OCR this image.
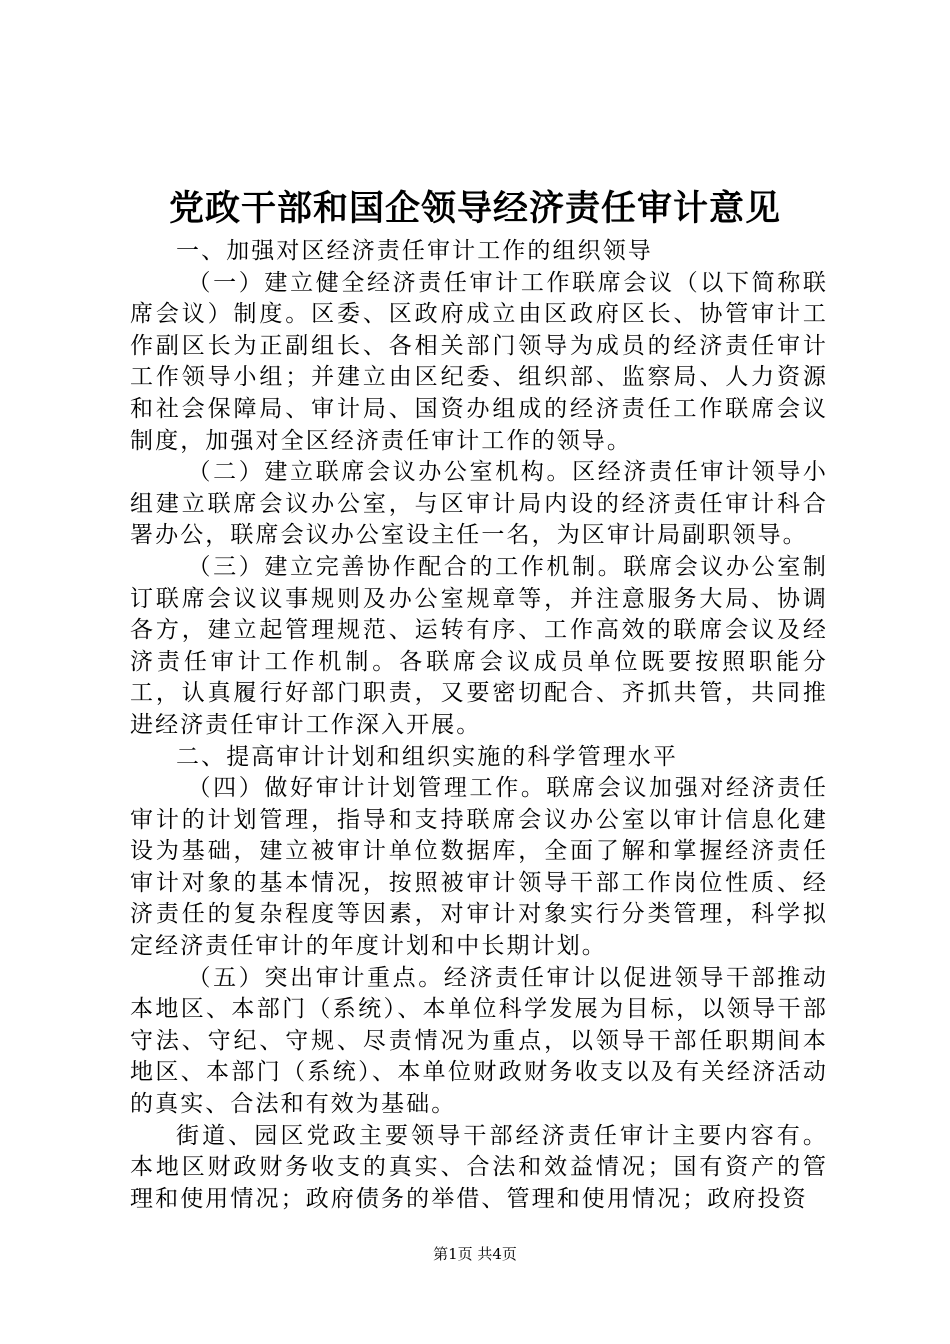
党政干部和国企领导经济责任审计意见

一、加强对区经济责任审计工作的组织领导

（一）建立健全经济责任审计工作联席会议（以下简称联席会议）制度。区委、区政府成立由区政府区长、协管审计工作副区长为正副组长、各相关部门领导为成员的经济责任审计工作领导小组；并建立由区纪委、组织部、监察局、人力资源和社会保障局、审计局、国资办组成的经济责任工作联席会议制度，加强对全区经济责任审计工作的领导。

（二）建立联席会议办公室机构。区经济责任审计领导小组建立联席会议办公室，与区审计局内设的经济责任审计科合署办公，联席会议办公室设主任一名，为区审计局副职领导。

（三）建立完善协作配合的工作机制。联席会议办公室制订联席会议议事规则及办公室规章等，并注意服务大局、协调各方，建立起管理规范、运转有序、工作高效的联席会议及经济责任审计工作机制。各联席会议成员单位既要按照职能分工，认真履行好部门职责，又要密切配合、齐抓共管，共同推进经济责任审计工作深入开展。

二、提高审计计划和组织实施的科学管理水平

（四）做好审计计划管理工作。联席会议加强对经济责任审计的计划管理，指导和支持联席会议办公室以审计信息化建设为基础，建立被审计单位数据库，全面了解和掌握经济责任审计对象的基本情况，按照被审计领导干部工作岗位性质、经济责任的复杂程度等因素，对审计对象实行分类管理，科学拟定经济责任审计的年度计划和中长期计划。

（五）突出审计重点。经济责任审计以促进领导干部推动本地区、本部门（系统）、本单位科学发展为目标，以领导干部守法、守纪、守规、尽责情况为重点，以领导干部任职期间本地区、本部门（系统）、本单位财政财务收支以及有关经济活动的真实、合法和有效为基础。

街道、园区党政主要领导干部经济责任审计主要内容有。本地区财政财务收支的真实、合法和效益情况；国有资产的管理和使用情况；政府债务的举借、管理和使用情况；政府投资

第1页 共4页
